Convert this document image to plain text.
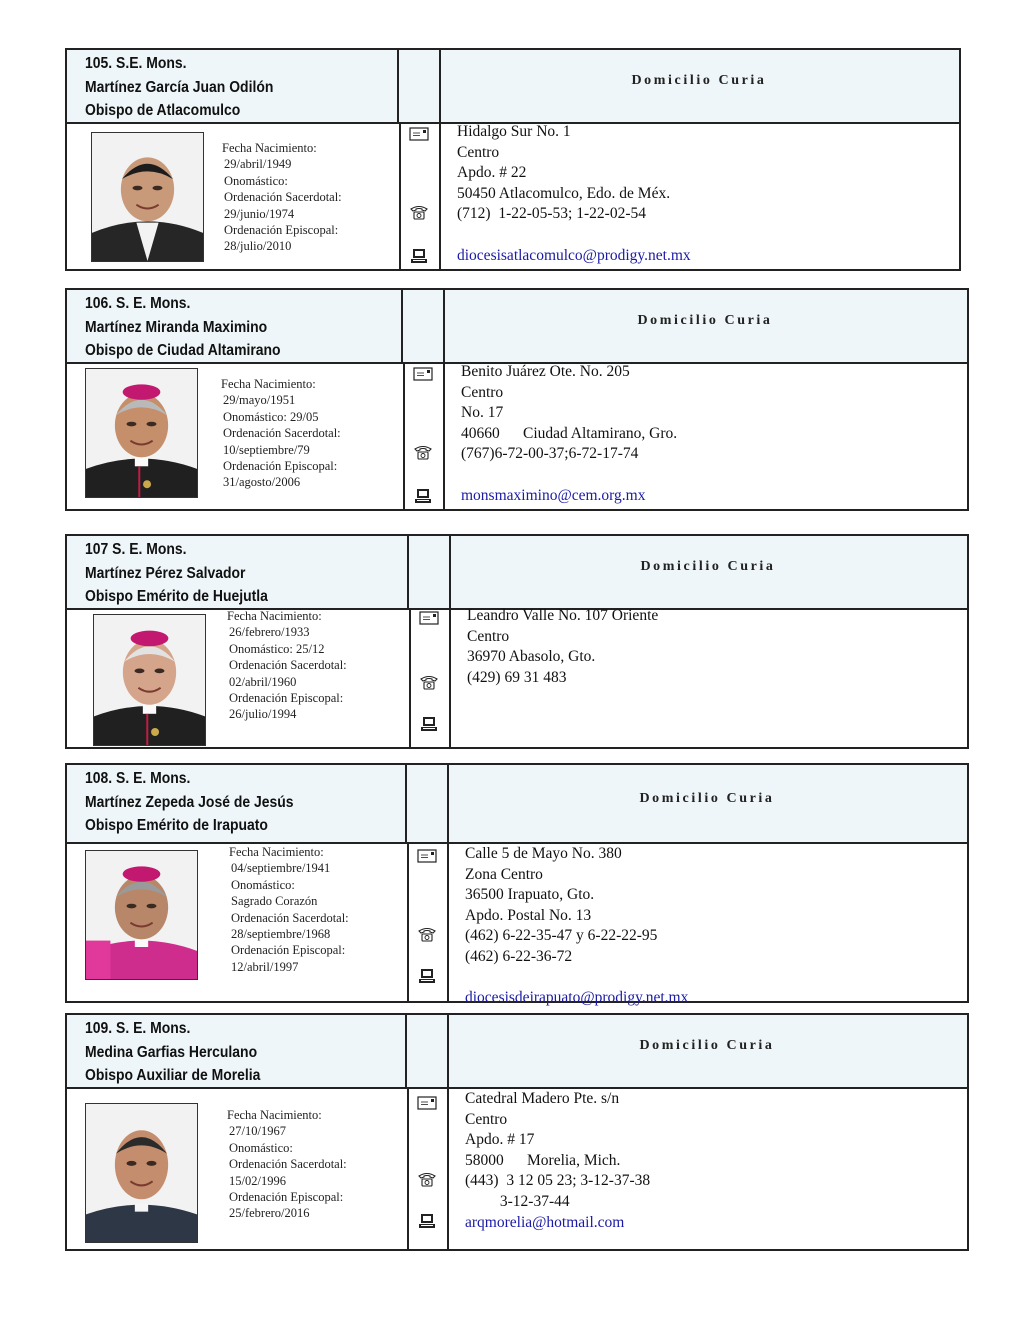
105. S.E. Mons.
Martínez García Juan Odilón
Obispo de Atlacomulco
Domicilio Curia
Fecha Nacimiento:
29/abril/1949
Onomástico:
Ordenación Sacerdotal:
29/junio/1974
Ordenación Episcopal:
28/julio/2010
Hidalgo Sur No. 1
Centro
Apdo. # 22
50450 Atlacomulco, Edo. de Méx.
(712)  1-22-05-53; 1-22-02-54
diocesisatlacomulco@prodigy.net.mx
106. S. E. Mons.
Martínez Miranda Maximino
Obispo de Ciudad Altamirano
Domicilio Curia
Fecha Nacimiento:
29/mayo/1951
Onomástico: 29/05
Ordenación Sacerdotal:
10/septiembre/79
Ordenación Episcopal:
31/agosto/2006
Benito Juárez Ote. No. 205
Centro
No. 17
40660      Ciudad Altamirano, Gro.
(767)6-72-00-37;6-72-17-74
monsmaximino@cem.org.mx
107 S. E. Mons.
Martínez Pérez Salvador
Obispo Emérito de Huejutla
Domicilio Curia
Fecha Nacimiento:
26/febrero/1933
Onomástico: 25/12
Ordenación Sacerdotal:
02/abril/1960
Ordenación Episcopal:
26/julio/1994
Leandro Valle No. 107 Oriente
Centro
36970 Abasolo, Gto.
(429) 69 31 483
108. S. E. Mons.
Martínez Zepeda José de Jesús
Obispo Emérito de Irapuato
Domicilio Curia
Fecha Nacimiento:
04/septiembre/1941
Onomástico:
Sagrado Corazón
Ordenación Sacerdotal:
28/septiembre/1968
Ordenación Episcopal:
12/abril/1997
Calle 5 de Mayo No. 380
Zona Centro
36500 Irapuato, Gto.
Apdo. Postal No. 13
(462) 6-22-35-47 y 6-22-22-95
(462) 6-22-36-72
diocesisdeirapuato@prodigy.net.mx
109. S. E. Mons.
Medina Garfias Herculano
Obispo Auxiliar de Morelia
Domicilio Curia
Fecha Nacimiento:
27/10/1967
Onomástico:
Ordenación Sacerdotal:
15/02/1996
Ordenación Episcopal:
25/febrero/2016
Catedral Madero Pte. s/n
Centro
Apdo. # 17
58000      Morelia, Mich.
(443)  3 12 05 23; 3-12-37-38
3-12-37-44
arqmorelia@hotmail.com
